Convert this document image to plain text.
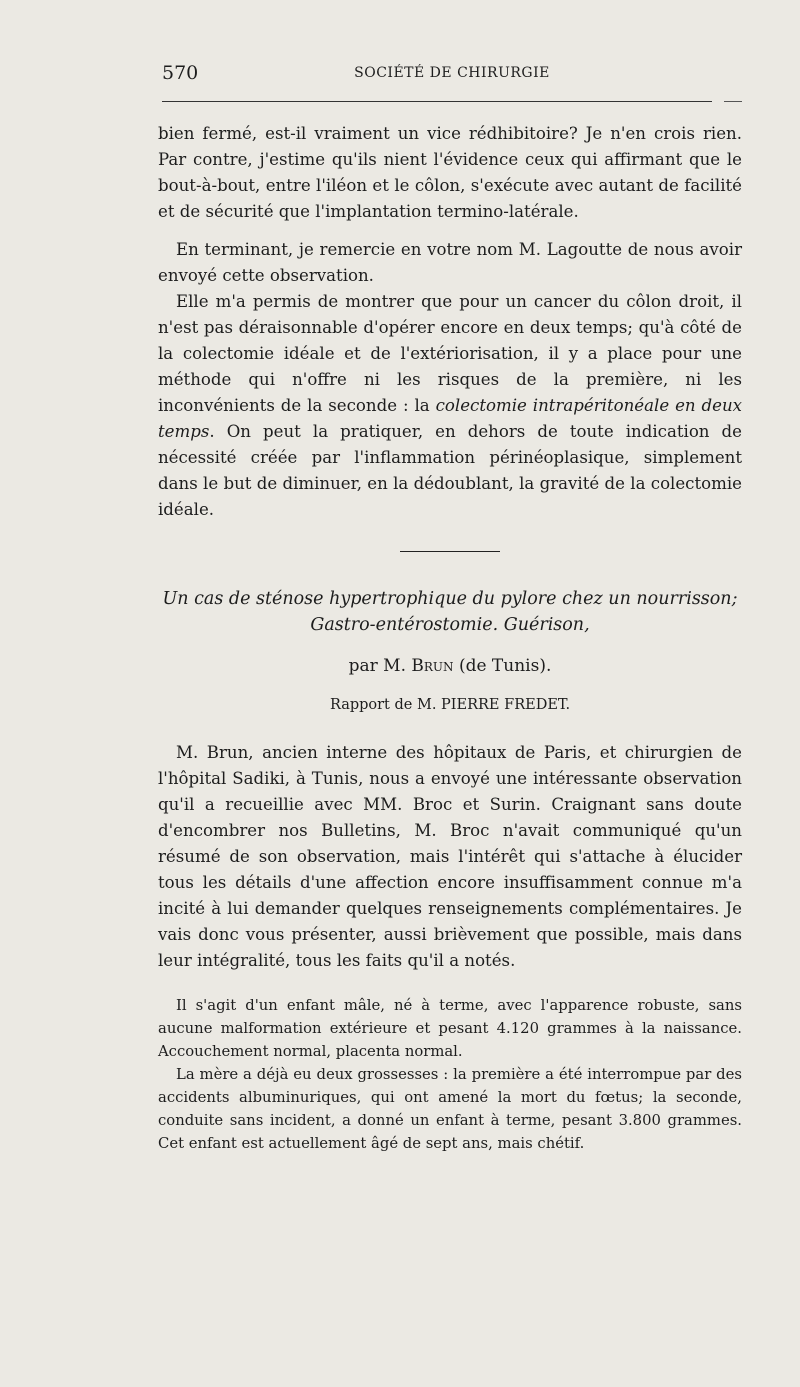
570	SOCIÉTÉ DE CHIRURGIE

bien fermé, est-il vraiment un vice rédhibitoire? Je n'en crois rien. Par contre, j'estime qu'ils nient l'évidence ceux qui affirmant que le bout-à-bout, entre l'iléon et le côlon, s'exécute avec autant de facilité et de sécurité que l'implantation termino-latérale.

En terminant, je remercie en votre nom M. Lagoutte de nous avoir envoyé cette observation.

Elle m'a permis de montrer que pour un cancer du côlon droit, il n'est pas déraisonnable d'opérer encore en deux temps; qu'à côté de la colectomie idéale et de l'extériorisation, il y a place pour une méthode qui n'offre ni les risques de la première, ni les inconvénients de la seconde : la colectomie intrapéritonéale en deux temps. On peut la pratiquer, en dehors de toute indication de nécessité créée par l'inflammation périnéoplasique, simplement dans le but de diminuer, en la dédoublant, la gravité de la colectomie idéale.

Un cas de sténose hypertrophique du pylore chez un nourrisson;
Gastro-entérostomie. Guérison,
par M. Brun (de Tunis).
Rapport de M. PIERRE FREDET.

M. Brun, ancien interne des hôpitaux de Paris, et chirurgien de l'hôpital Sadiki, à Tunis, nous a envoyé une intéressante observation qu'il a recueillie avec MM. Broc et Surin. Craignant sans doute d'encombrer nos Bulletins, M. Broc n'avait communiqué qu'un résumé de son observation, mais l'intérêt qui s'attache à élucider tous les détails d'une affection encore insuffisamment connue m'a incité à lui demander quelques renseignements complémentaires. Je vais donc vous présenter, aussi brièvement que possible, mais dans leur intégralité, tous les faits qu'il a notés.

Il s'agit d'un enfant mâle, né à terme, avec l'apparence robuste, sans aucune malformation extérieure et pesant 4.120 grammes à la naissance. Accouchement normal, placenta normal.

La mère a déjà eu deux grossesses : la première a été interrompue par des accidents albuminuriques, qui ont amené la mort du fœtus; la seconde, conduite sans incident, a donné un enfant à terme, pesant 3.800 grammes. Cet enfant est actuellement âgé de sept ans, mais chétif.
